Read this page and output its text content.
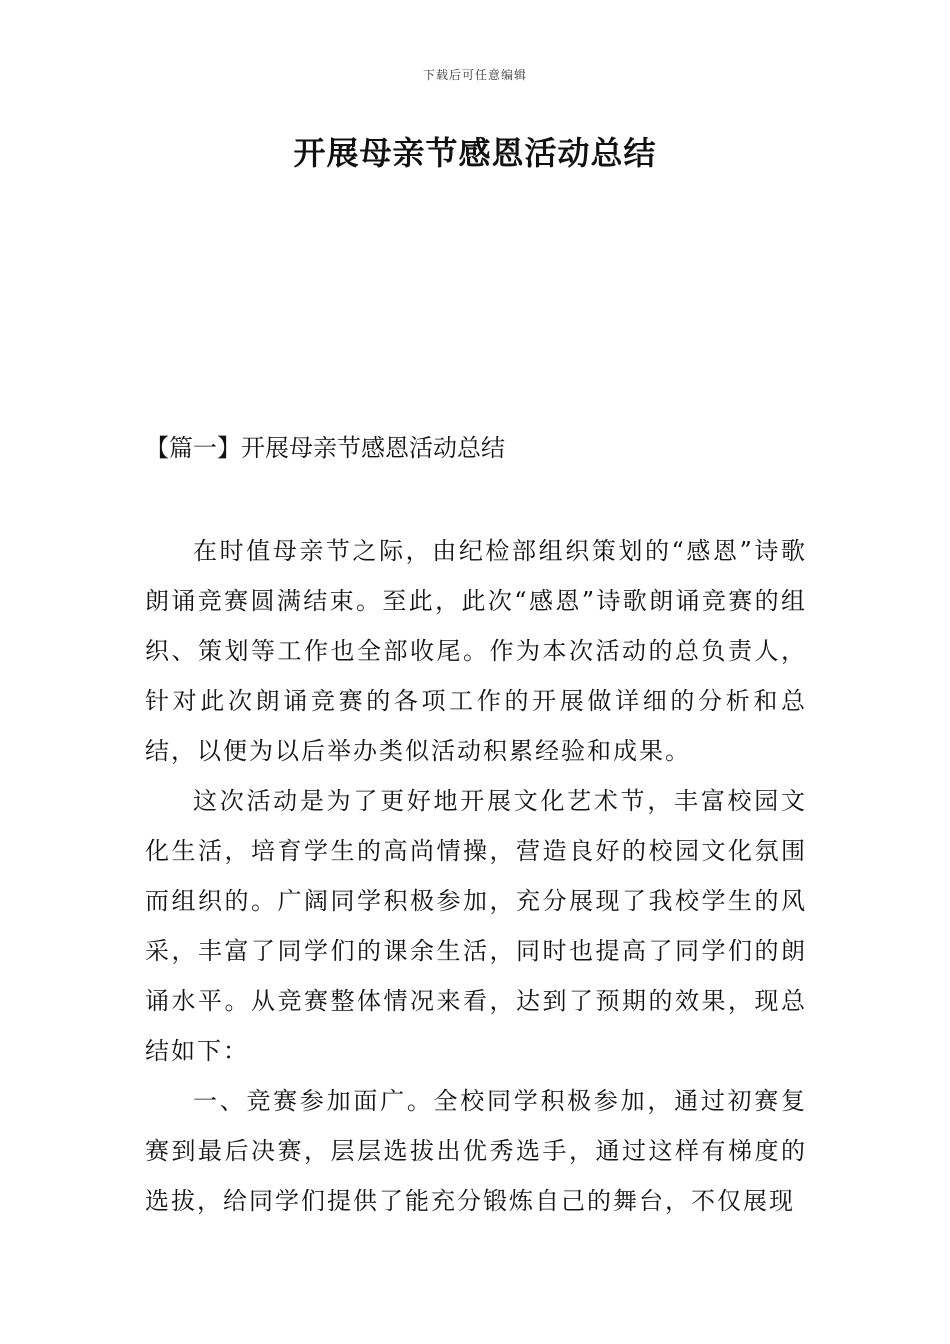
下载后可任意编辑
开展母亲节感恩活动总结
【篇一】开展母亲节感恩活动总结

在时值母亲节之际，由纪检部组织策划的“感恩”诗歌朗诵竞赛圆满结束。至此，此次“感恩”诗歌朗诵竞赛的组织、策划等工作也全部收尾。作为本次活动的总负责人，针对此次朗诵竞赛的各项工作的开展做详细的分析和总结，以便为以后举办类似活动积累经验和成果。

这次活动是为了更好地开展文化艺术节，丰富校园文化生活，培育学生的高尚情操，营造良好的校园文化氛围而组织的。广阔同学积极参加，充分展现了我校学生的风采，丰富了同学们的课余生活，同时也提高了同学们的朗诵水平。从竞赛整体情况来看，达到了预期的效果，现总结如下：

一、竞赛参加面广。全校同学积极参加，通过初赛复赛到最后决赛，层层选拔出优秀选手，通过这样有梯度的选拔，给同学们提供了能充分锻炼自己的舞台，不仅展现
